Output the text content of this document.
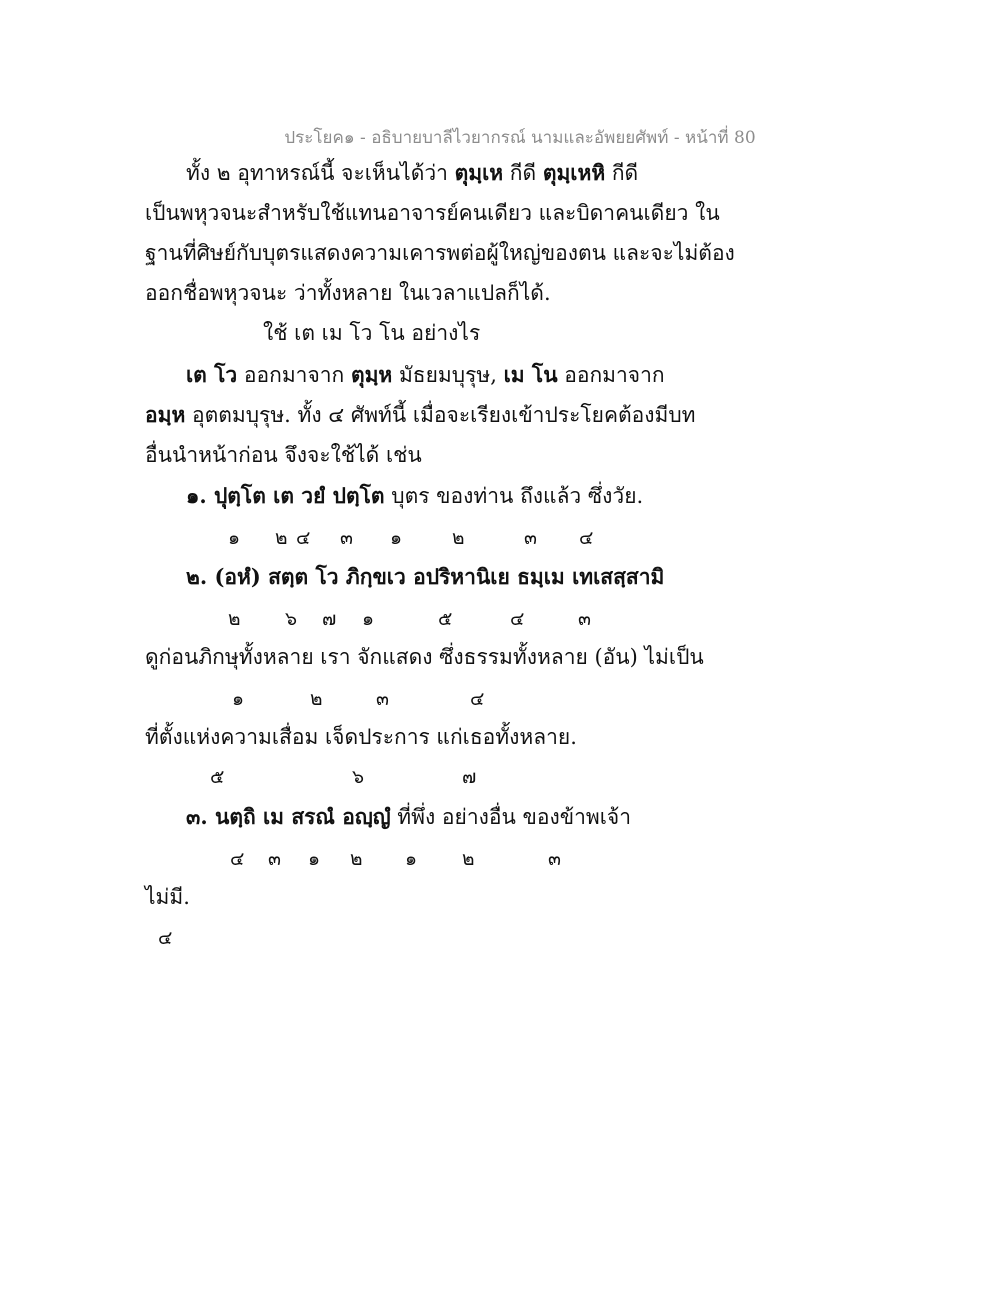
ประโยค๑ - อธิบายบาลีไวยากรณ์ นามและอัพยยศัพท์ - หน้าที่ 80
ทั้ง ๒ อุทาหรณ์นี้ จะเห็นได้ว่า ตุมฺเห กีดี ตุมฺเหหิ กีดี
เป็นพหุวจนะสำหรับใช้แทนอาจารย์คนเดียว และบิดาคนเดียว ใน
ฐานที่ศิษย์กับบุตรแสดงความเคารพต่อผู้ใหญ่ของตน และจะไม่ต้อง
ออกชื่อพหุวจนะ ว่าทั้งหลาย ในเวลาแปลก็ได้.
ใช้ เต เม โว โน อย่างไร
เต โว ออกมาจาก ตุมฺห มัธยมบุรุษ, เม โน ออกมาจาก
อมฺห อุตตมบุรุษ. ทั้ง ๔ ศัพท์นี้ เมื่อจะเรียงเข้าประโยคต้องมีบท
อื่นนำหน้าก่อน จึงจะใช้ได้ เช่น
๑. ปุตฺโต เต วยํ ปตฺโต บุตร ของท่าน ถึงแล้ว ซึ่งวัย.
๑ ๒ ๔ ๓ ๑	๒	๓ ๔
๒. (อหํ) สตฺต โว ภิกฺขเว อปริหานิเย ธมฺเม เทเสสฺสามิ
๒ ๖ ๗ ๑	๕	๔	๓
ดูก่อนภิกษุทั้งหลาย เรา จักแสดง ซึ่งธรรมทั้งหลาย (อัน) ไม่เป็น
๑	๒	๓	๔
ที่ตั้งแห่งความเสื่อม เจ็ดประการ แก่เธอทั้งหลาย.
๕	๖	๗
๓. นตฺถิ เม สรณํ อญฺญํ ที่พึ่ง อย่างอื่น ของข้าพเจ้า
๔ ๓ ๑ ๒ ๑ ๒	๓
ไม่มี.
๔
